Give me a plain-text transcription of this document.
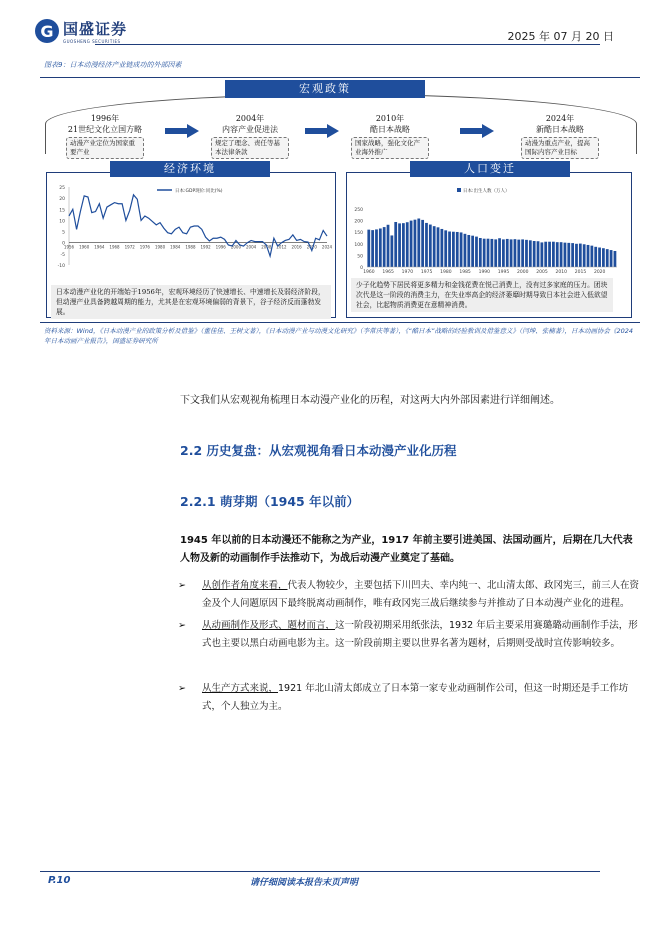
G 国盛证券
GUOSHENG SECURITIES	2025 年 07 月 20 日
图表9：日本动漫经济产业链成功的外部因素
宏观政策
1996年
21世纪文化立国方略
动漫产业定位为国家重要产业
2004年
内容产业促进法
规定了理念、责任等基本法律条款
2010年
酷日本战略
国家战略，强化文化产业海外推广
2024年
新酷日本战略
动漫为重点产业，提高国际内容产业目标
25
20
15
10
5
0
-5
-10
1956 1960 1964 1968 1972 1976 1980 1984 1988 1992 1996 2000 2004 2008 2012 2016 2020 2024
日本:GDP现价:同比(%)
日本动漫产业化的开端始于1956年，宏观环境经历了快速增长、中速增长及弱经济阶段，但动漫产业具备跨越周期的能力，尤其是在宏观环境偏弱的背景下，谷子经济反而蓬勃发展。
经济环境
250
200
150
100
50
0
1960 1965 1970 1975 1980 1985 1990 1995 2000 2005 2010 2015 2020
日本:出生人数（万人）
少子化趋势下居民将更多精力和金钱花费在悦己消费上，没有过多家庭的压力。团块次代是这一阶段的消费主力，在失业率高企的经济萎靡时期导致日本社会进入低欲望社会，比起物质消费更在意精神消费。
人口变迁
资料来源：Wind，《日本动漫产业的政策分析及借鉴》（董佳佳、王树文著），《日本动漫产业与动漫文化研究》（李常庆等著），《“酷日本”战略的经验教训及借鉴意义》（闫坤、张楠著），日本动画协会《2024年日本动画产业报告》，国盛证券研究所
下文我们从宏观视角梳理日本动漫产业化的历程，对这两大内外部因素进行详细阐述。
2.2 历史复盘：从宏观视角看日本动漫产业化历程
2.2.1 萌芽期（1945 年以前）
1945 年以前的日本动漫还不能称之为产业，1917 年前主要引进美国、法国动画片，后期在几大代表人物及新的动画制作手法推动下，为战后动漫产业奠定了基础。
➢	从创作者角度来看，代表人物较少，主要包括下川凹夫、幸内纯一、北山清太郎、政冈宪三，前三人在资金及个人问题原因下最终脱离动画制作，唯有政冈宪三战后继续参与并推动了日本动漫产业化的进程。
➢	从动画制作及形式、题材而言，这一阶段初期采用纸张法，1932 年后主要采用赛璐璐动画制作手法，形式也主要以黑白动画电影为主。这一阶段前期主要以世界名著为题材，后期则受战时宣传影响较多。
➢	从生产方式来说，1921 年北山清太郎成立了日本第一家专业动画制作公司，但这一时期还是手工作坊式，个人独立为主。
P.10	请仔细阅读本报告末页声明
